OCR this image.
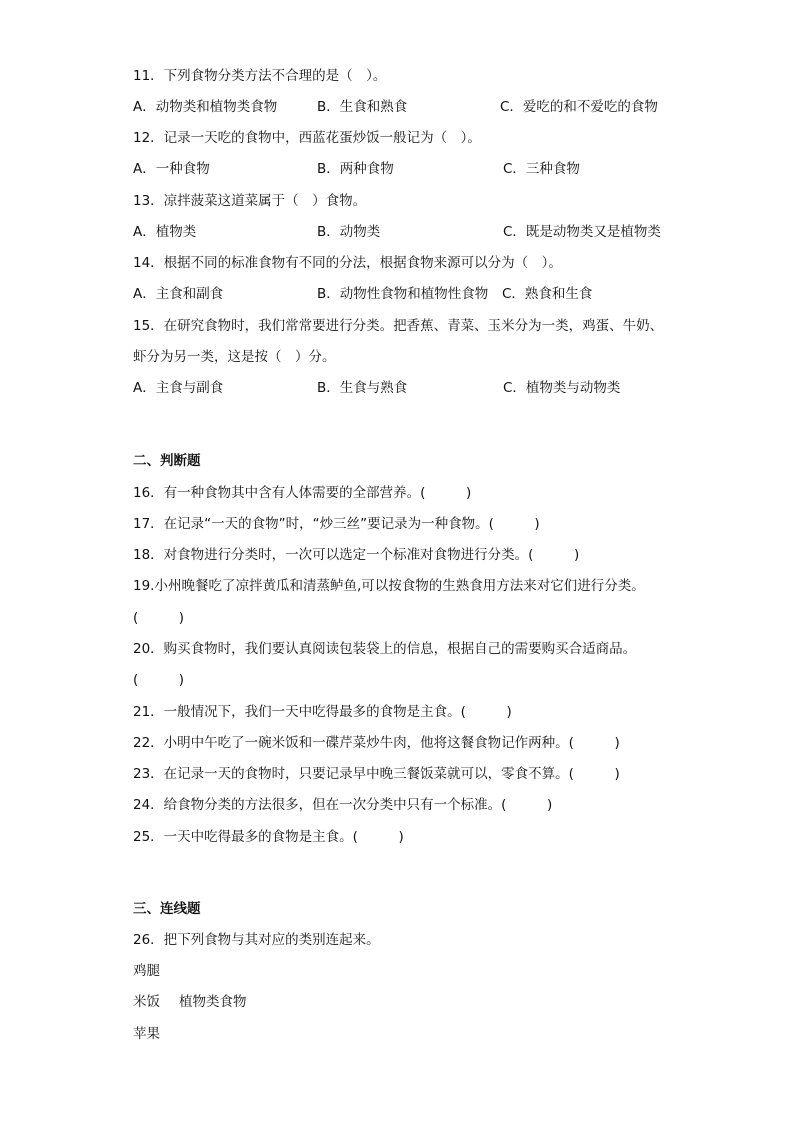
11．下列食物分类方法不合理的是（　）。
A．动物类和植物类食物	B．生食和熟食	C．爱吃的和不爱吃的食物
12．记录一天吃的食物中，西蓝花蛋炒饭一般记为（　）。
A．一种食物	B．两种食物	C．三种食物
13．凉拌菠菜这道菜属于（　）食物。
A．植物类	B．动物类	C．既是动物类又是植物类
14．根据不同的标准食物有不同的分法，根据食物来源可以分为（　）。
A．主食和副食	B．动物性食物和植物性食物 C．熟食和生食
15．在研究食物时，我们常常要进行分类。把香蕉、青菜、玉米分为一类，鸡蛋、牛奶、
虾分为另一类，这是按（　）分。
A．主食与副食	B．生食与熟食	C．植物类与动物类
二、判断题
16．有一种食物其中含有人体需要的全部营养。(　　　)
17．在记录“一天的食物”时，“炒三丝”要记录为一种食物。(　　　)
18．对食物进行分类时，一次可以选定一个标准对食物进行分类。(　　　)
19.小州晚餐吃了凉拌黄瓜和清蒸鲈鱼,可以按食物的生熟食用方法来对它们进行分类。
(　　　)
20．购买食物时，我们要认真阅读包装袋上的信息，根据自己的需要购买合适商品。
(　　　)
21．一般情况下，我们一天中吃得最多的食物是主食。(　　　)
22．小明中午吃了一碗米饭和一碟芹菜炒牛肉，他将这餐食物记作两种。(　　　)
23．在记录一天的食物时，只要记录早中晚三餐饭菜就可以，零食不算。(　　　)
24．给食物分类的方法很多，但在一次分类中只有一个标准。(　　　)
25．一天中吃得最多的食物是主食。(　　　)
三、连线题
26．把下列食物与其对应的类别连起来。
鸡腿
米饭 植物类食物
苹果
